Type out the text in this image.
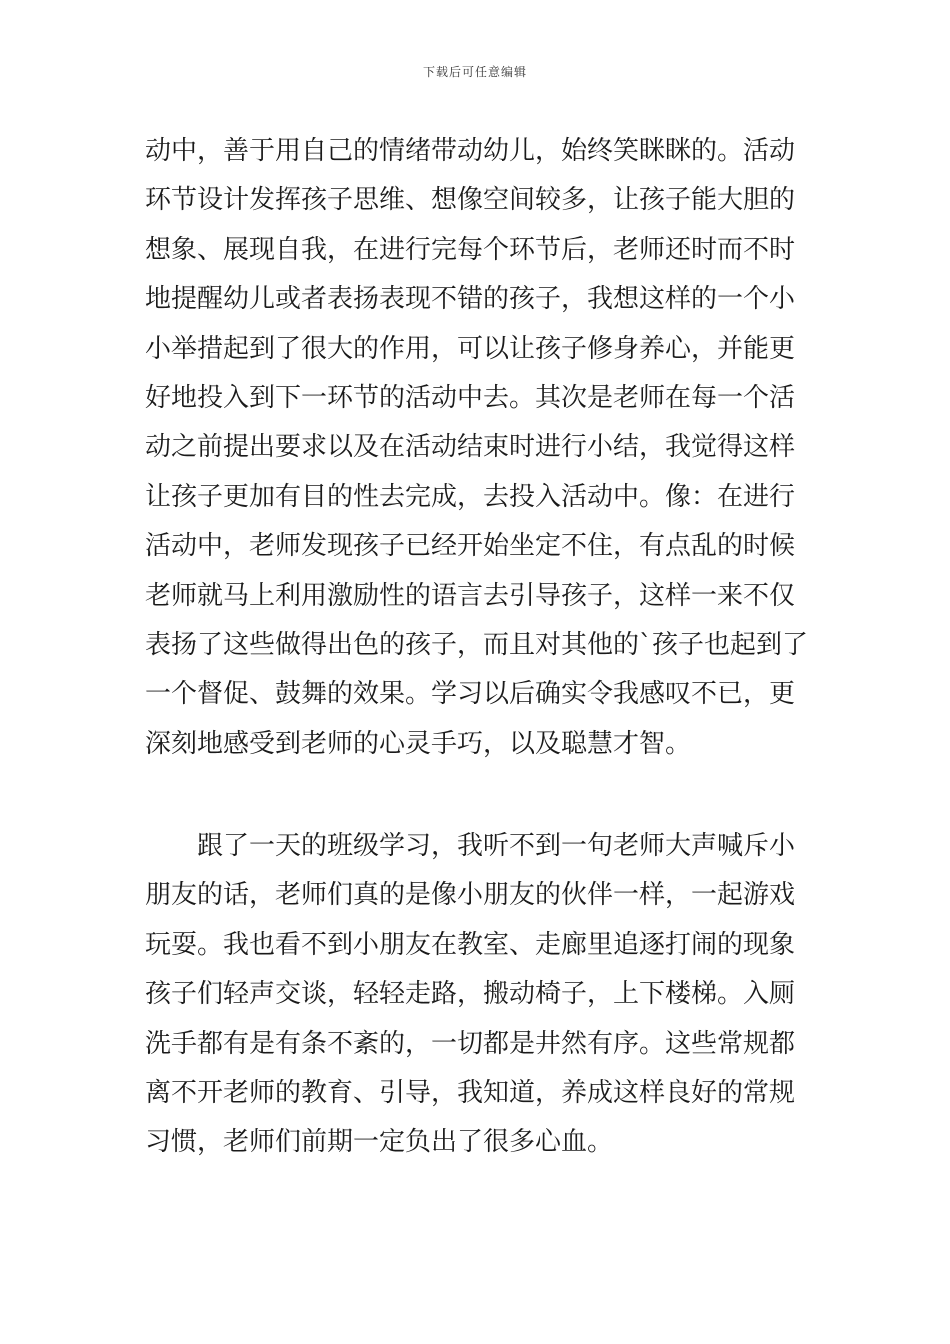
下载后可任意编辑
动中，善于用自己的情绪带动幼儿，始终笑眯眯的。活动
环节设计发挥孩子思维、想像空间较多，让孩子能大胆的
想象、展现自我，在进行完每个环节后，老师还时而不时
地提醒幼儿或者表扬表现不错的孩子，我想这样的一个小
小举措起到了很大的作用，可以让孩子修身养心，并能更
好地投入到下一环节的活动中去。其次是老师在每一个活
动之前提出要求以及在活动结束时进行小结，我觉得这样
让孩子更加有目的性去完成，去投入活动中。像：在进行
活动中，老师发现孩子已经开始坐定不住，有点乱的时候
老师就马上利用激励性的语言去引导孩子，这样一来不仅
表扬了这些做得出色的孩子，而且对其他的`孩子也起到了
一个督促、鼓舞的效果。学习以后确实令我感叹不已，更
深刻地感受到老师的心灵手巧，以及聪慧才智。
　　跟了一天的班级学习，我听不到一句老师大声喊斥小
朋友的话，老师们真的是像小朋友的伙伴一样，一起游戏
玩耍。我也看不到小朋友在教室、走廊里追逐打闹的现象
孩子们轻声交谈，轻轻走路，搬动椅子，上下楼梯。入厕
洗手都有是有条不紊的，一切都是井然有序。这些常规都
离不开老师的教育、引导，我知道，养成这样良好的常规
习惯，老师们前期一定负出了很多心血。
